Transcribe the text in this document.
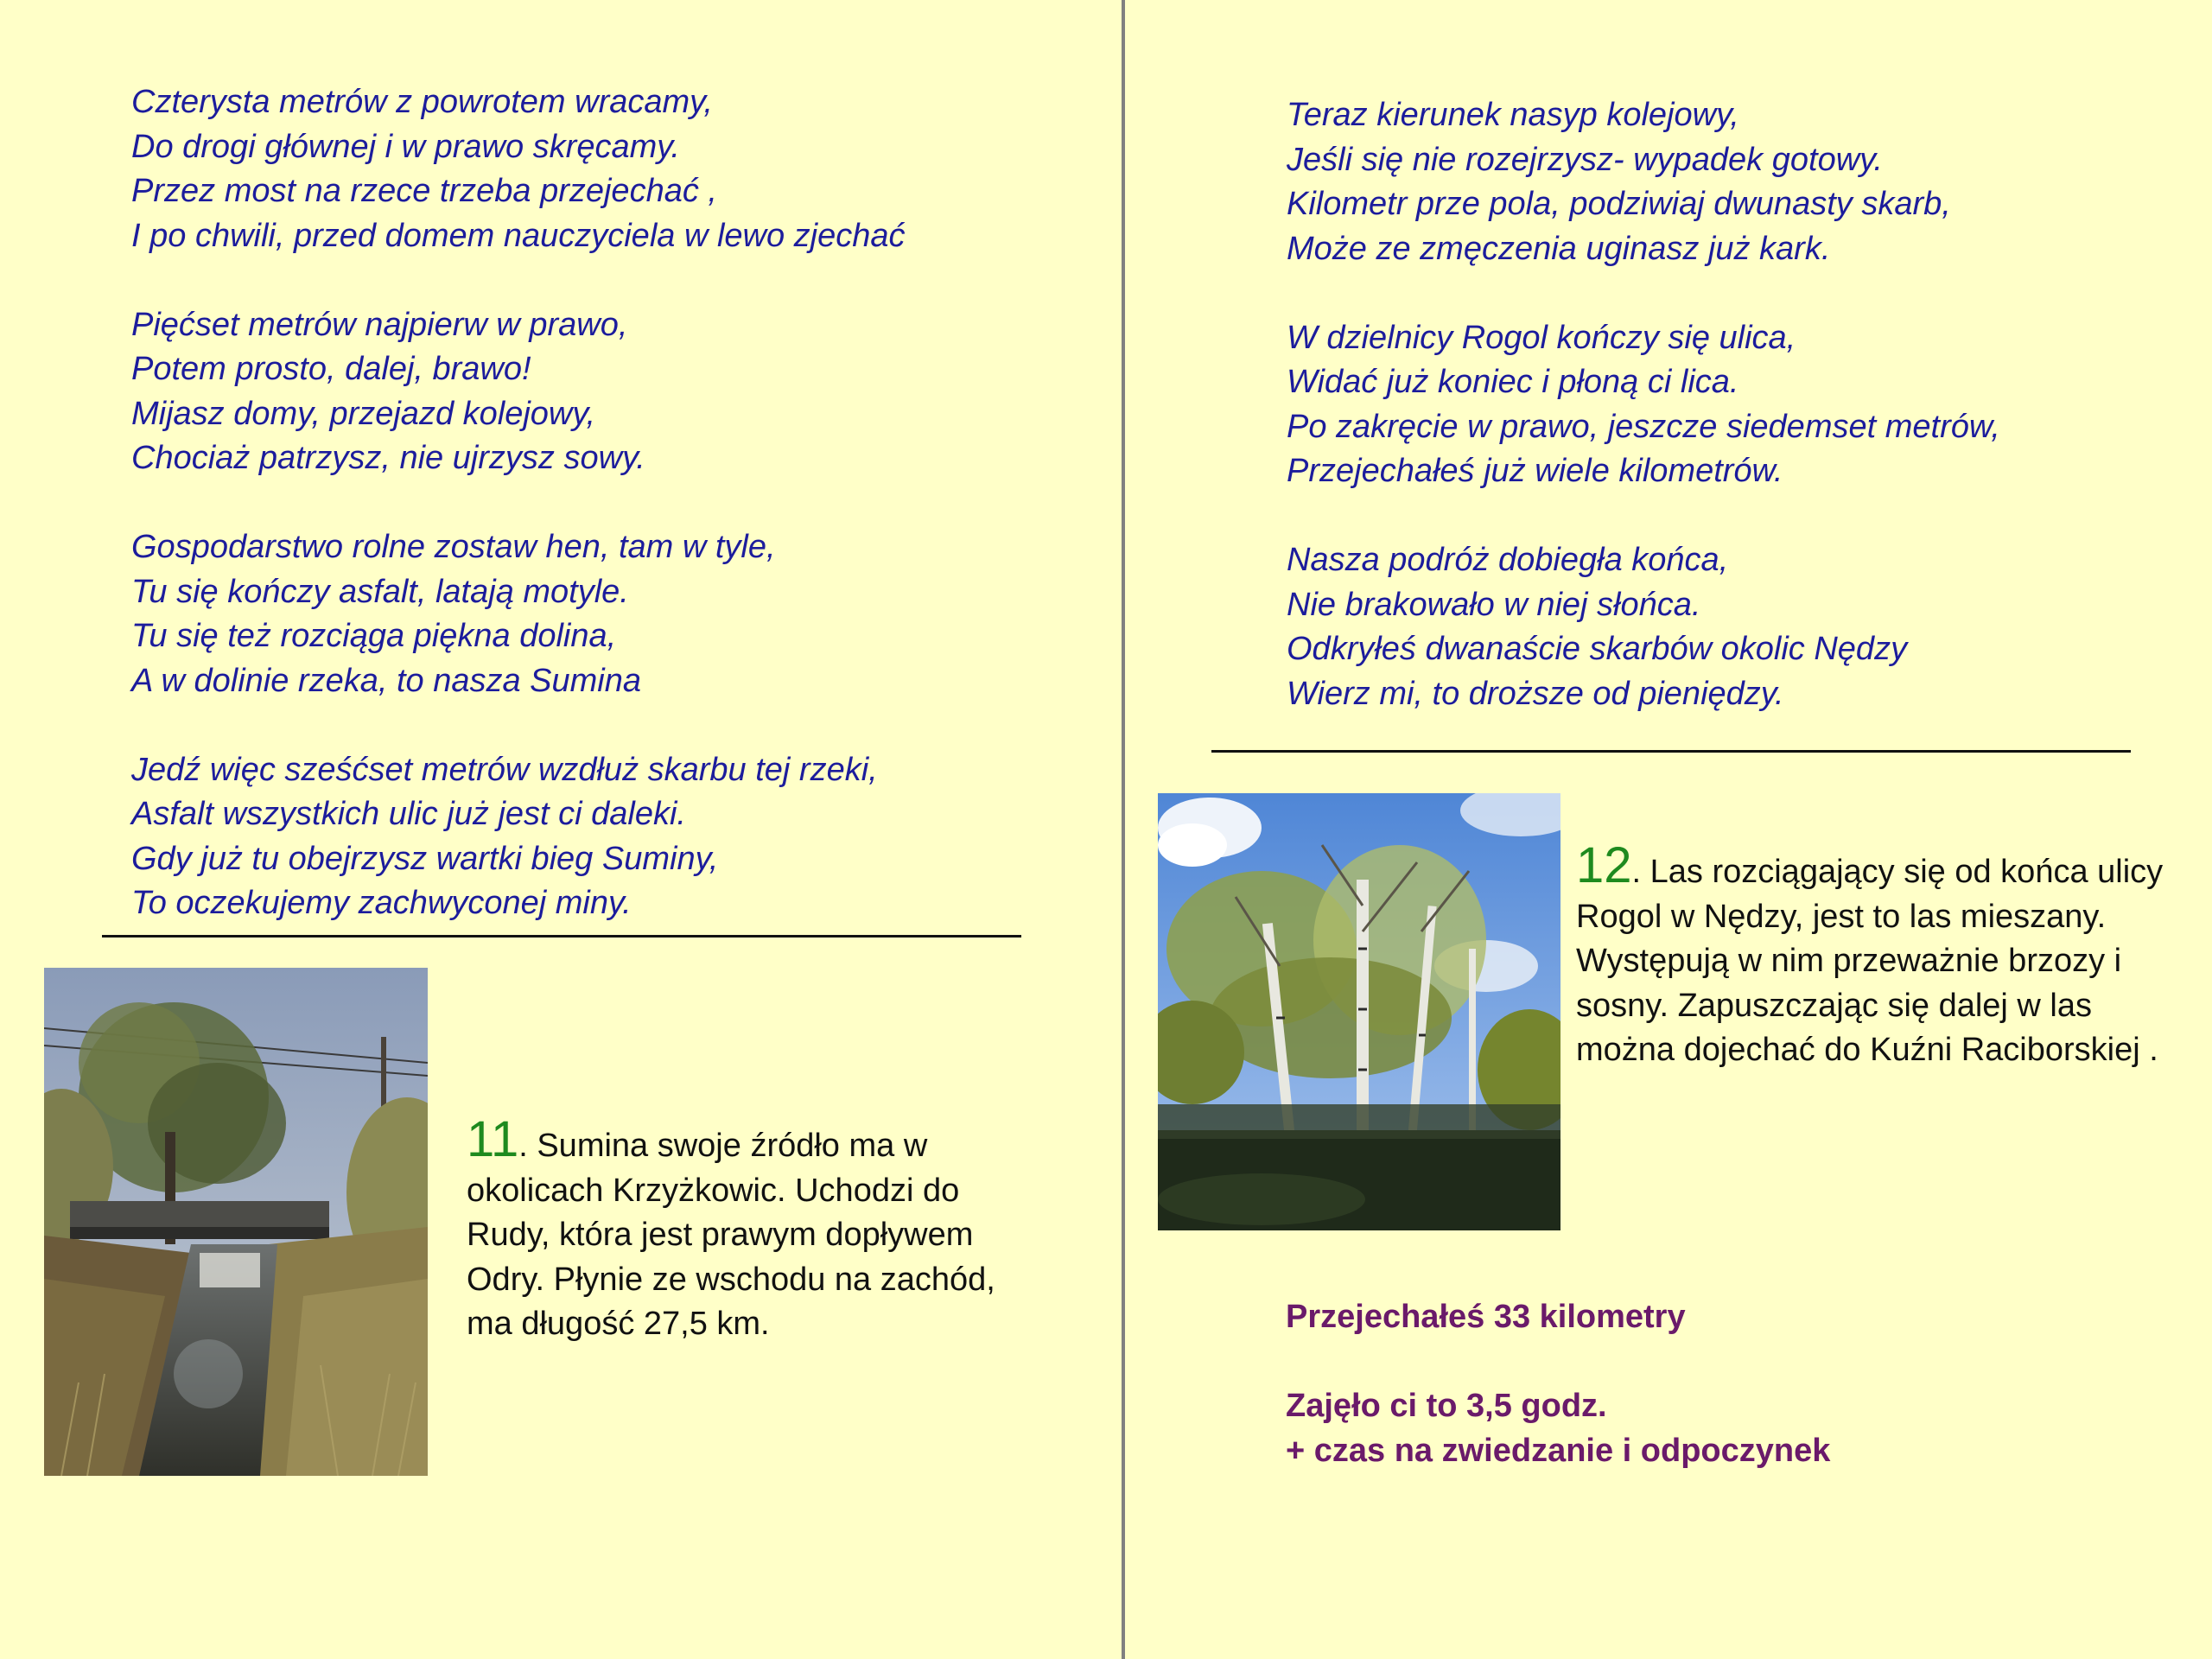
Czterysta metrów z powrotem wracamy,
Do drogi głównej i w prawo skręcamy.
Przez most na rzece trzeba przejechać ,
I po chwili, przed domem nauczyciela w lewo zjechać
Pięćset metrów najpierw w prawo,
Potem prosto, dalej, brawo!
Mijasz domy, przejazd kolejowy,
Chociaż patrzysz, nie ujrzysz sowy.
Gospodarstwo rolne zostaw hen, tam w tyle,
Tu się kończy asfalt, latają motyle.
Tu się też rozciąga piękna dolina,
A w dolinie rzeka, to nasza Sumina
Jedź więc sześćset metrów wzdłuż skarbu tej rzeki,
Asfalt wszystkich ulic już jest ci daleki.
Gdy już tu obejrzysz wartki bieg Suminy,
To oczekujemy zachwyconej miny.
11. Sumina swoje źródło ma w okolicach Krzyżkowic. Uchodzi do Rudy, która jest prawym dopływem Odry. Płynie ze wschodu na zachód, ma długość 27,5 km.
Teraz kierunek nasyp kolejowy,
Jeśli się nie rozejrzysz- wypadek gotowy.
Kilometr prze pola, podziwiaj dwunasty skarb,
Może ze zmęczenia uginasz już kark.
W dzielnicy Rogol kończy się ulica,
Widać już koniec i płoną ci lica.
Po zakręcie w prawo, jeszcze siedemset metrów,
Przejechałeś już wiele kilometrów.
Nasza podróż dobiegła końca,
Nie brakowało w niej słońca.
Odkryłeś dwanaście skarbów okolic Nędzy
Wierz mi, to droższe od pieniędzy.
12. Las rozciągający się od końca ulicy Rogol w Nędzy, jest to las mieszany. Występują w nim przeważnie brzozy i sosny. Zapuszczając się dalej w las można dojechać do Kuźni Raciborskiej .
Przejechałeś 33 kilometry
Zajęło ci to 3,5 godz.
+ czas na zwiedzanie i odpoczynek
